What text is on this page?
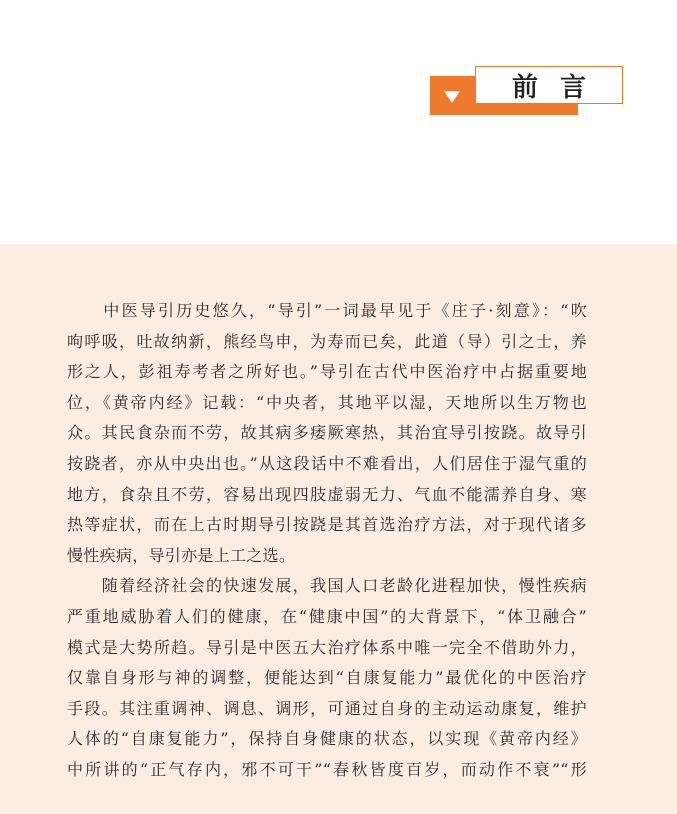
前言
　　中医导引历史悠久，“导引”一词最早见于《庄子·刻意》：“吹
呴呼吸，吐故纳新，熊经鸟申，为寿而已矣，此道（导）引之士，养
形之人，彭祖寿考者之所好也。”导引在古代中医治疗中占据重要地
位，《黄帝内经》记载：“中央者，其地平以湿，天地所以生万物也
众。其民食杂而不劳，故其病多痿厥寒热，其治宜导引按跷。故导引
按跷者，亦从中央出也。”从这段话中不难看出，人们居住于湿气重的
地方，食杂且不劳，容易出现四肢虚弱无力、气血不能濡养自身、寒
热等症状，而在上古时期导引按跷是其首选治疗方法，对于现代诸多
慢性疾病，导引亦是上工之选。
　　随着经济社会的快速发展，我国人口老龄化进程加快，慢性疾病
严重地威胁着人们的健康，在“健康中国”的大背景下，“体卫融合”
模式是大势所趋。导引是中医五大治疗体系中唯一完全不借助外力，
仅靠自身形与神的调整，便能达到“自康复能力”最优化的中医治疗
手段。其注重调神、调息、调形，可通过自身的主动运动康复，维护
人体的“自康复能力”，保持自身健康的状态，以实现《黄帝内经》
中所讲的“正气存内，邪不可干”“春秋皆度百岁，而动作不衰”“形
